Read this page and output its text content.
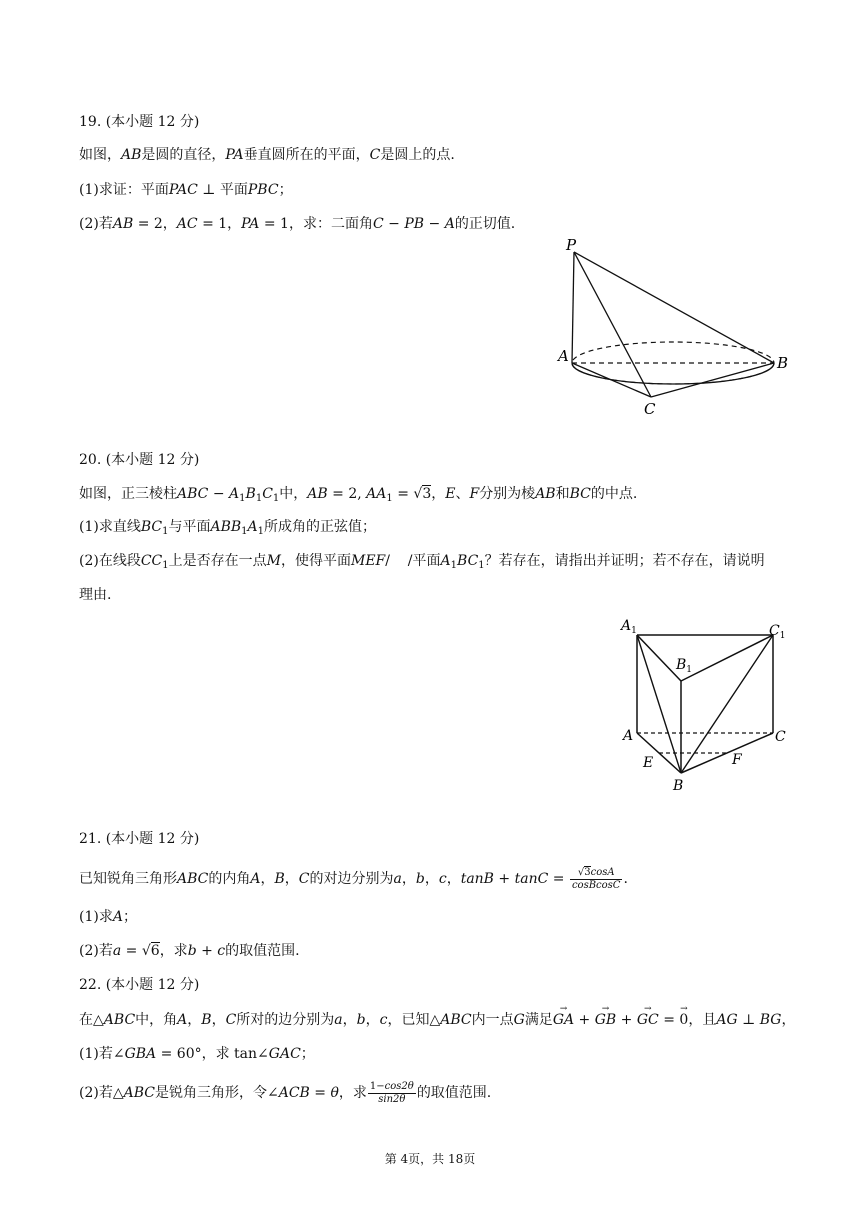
19. (本小题 12 分)
如图，AB是圆的直径，PA垂直圆所在的平面，C是圆上的点.
(1)求证：平面PAC ⊥ 平面PBC；
(2)若AB = 2，AC = 1，PA = 1，求：二面角C − PB − A的正切值.
P
A	B
C
20. (本小题 12 分)
如图，正三棱柱ABC − $A_1B_1C_1$中，AB = 2, $AA_1 = √3$，E、F分别为棱AB和BC的中点.
(1)求直线$BC_1$与平面$ABB_1A_1$所成角的正弦值；
(2)在线段$CC_1$上是否存在一点M，使得平面MEF/    /平面$A_1BC_1$？若存在，请指出并证明；若不存在，请说明
理由.
$A_1$	$C_1$
$B_1$
A	C
E	F
B
21. (本小题 12 分)
已知锐角三角形ABC的内角A，B，C的对边分别为a，b，c，$\tan B + \tan C = \frac{√3\cos A}{\text{cosBcosC}}$ .
(1)求A；
(2)若a = √6，求b + c的取值范围.
22. (本小题 12 分)
在△ABC中，角A，B，C所对的边分别为a，b，c，已知△ABC内一点G满足→ GA + → GB + → GC = → 0，且AG ⊥ BG，
(1)若∠GBA = 60°，求 tan∠GAC；
(2)若△ABC是锐角三角形，令∠ACB = θ，求 $\frac{1-\cos 2\theta}{\sin 2\theta}$ 的取值范围.
第 4页，共 18页
